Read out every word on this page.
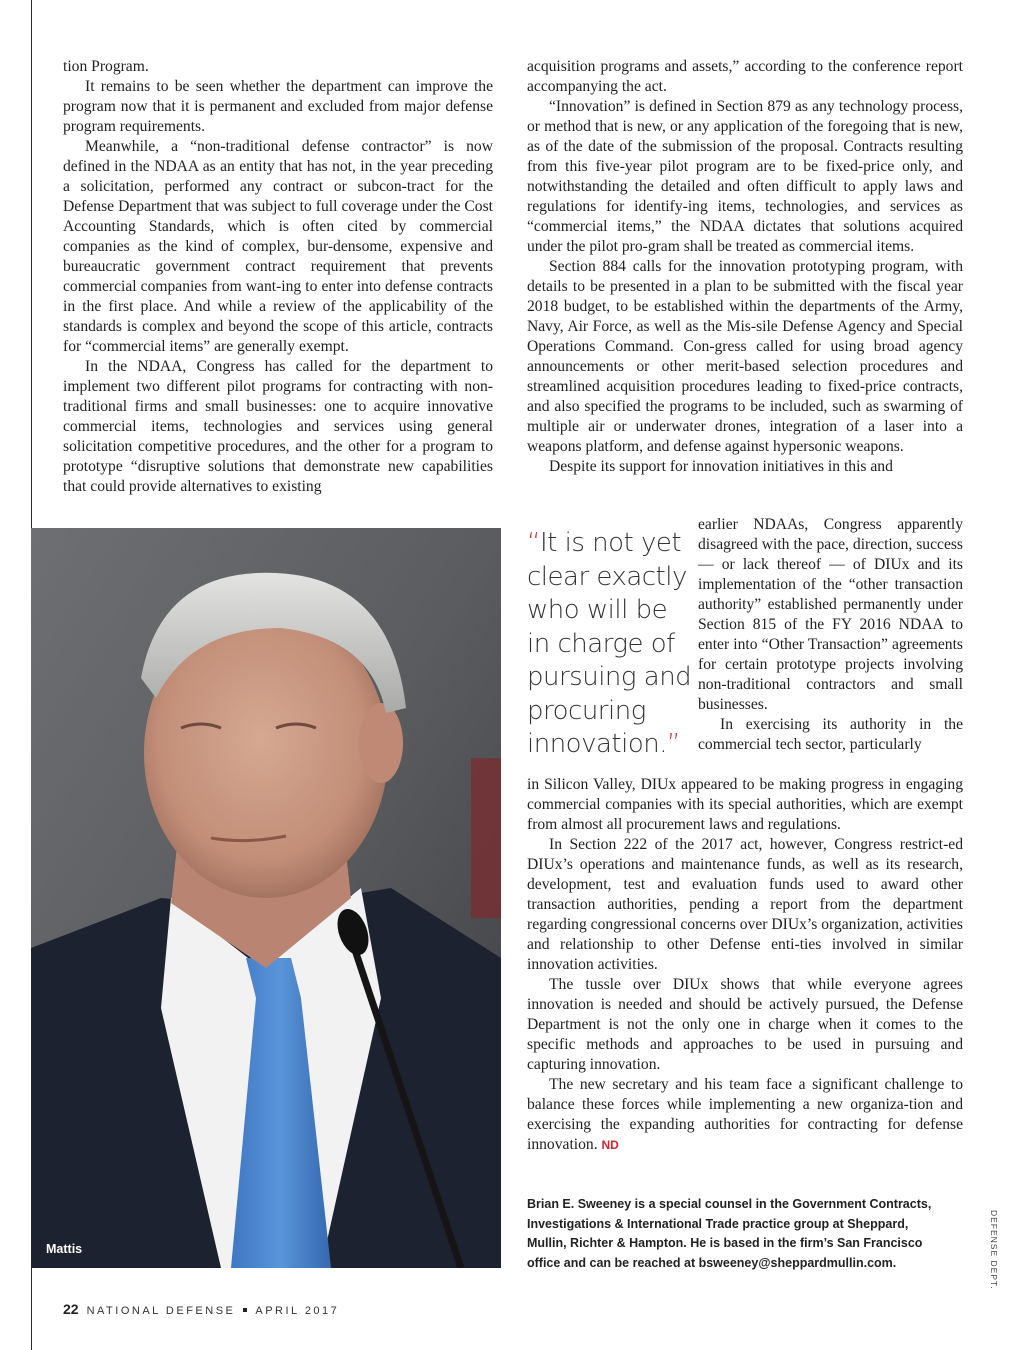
tion Program.

It remains to be seen whether the department can improve the program now that it is permanent and excluded from major defense program requirements.

Meanwhile, a “non-traditional defense contractor” is now defined in the NDAA as an entity that has not, in the year preceding a solicitation, performed any contract or subcon-tract for the Defense Department that was subject to full coverage under the Cost Accounting Standards, which is often cited by commercial companies as the kind of complex, bur-densome, expensive and bureaucratic government contract requirement that prevents commercial companies from want-ing to enter into defense contracts in the first place. And while a review of the applicability of the standards is complex and beyond the scope of this article, contracts for “commercial items” are generally exempt.

In the NDAA, Congress has called for the department to implement two different pilot programs for contracting with non-traditional firms and small businesses: one to acquire innovative commercial items, technologies and services using general solicitation competitive procedures, and the other for a program to prototype “disruptive solutions that demonstrate new capabilities that could provide alternatives to existing

acquisition programs and assets,” according to the conference report accompanying the act.

“Innovation” is defined in Section 879 as any technology process, or method that is new, or any application of the foregoing that is new, as of the date of the submission of the proposal. Contracts resulting from this five-year pilot program are to be fixed-price only, and notwithstanding the detailed and often difficult to apply laws and regulations for identify-ing items, technologies, and services as “commercial items,” the NDAA dictates that solutions acquired under the pilot pro-gram shall be treated as commercial items.

Section 884 calls for the innovation prototyping program, with details to be presented in a plan to be submitted with the fiscal year 2018 budget, to be established within the departments of the Army, Navy, Air Force, as well as the Mis-sile Defense Agency and Special Operations Command. Con-gress called for using broad agency announcements or other merit-based selection procedures and streamlined acquisition procedures leading to fixed-price contracts, and also specified the programs to be included, such as swarming of multiple air or underwater drones, integration of a laser into a weapons platform, and defense against hypersonic weapons.

Despite its support for innovation initiatives in this and

earlier NDAAs, Congress apparently disagreed with the pace, direction, success — or lack thereof — of DIUx and its implementation of the “other transaction authority” established permanently under Section 815 of the FY 2016 NDAA to enter into “Other Transaction” agreements for certain prototype projects involving non-traditional contractors and small businesses.

In exercising its authority in the commercial tech sector, particularly

in Silicon Valley, DIUx appeared to be making progress in engaging commercial companies with its special authorities, which are exempt from almost all procurement laws and regulations.

In Section 222 of the 2017 act, however, Congress restrict-ed DIUx’s operations and maintenance funds, as well as its research, development, test and evaluation funds used to award other transaction authorities, pending a report from the department regarding congressional concerns over DIUx’s organization, activities and relationship to other Defense enti-ties involved in similar innovation activities.

The tussle over DIUx shows that while everyone agrees innovation is needed and should be actively pursued, the Defense Department is not the only one in charge when it comes to the specific methods and approaches to be used in pursuing and capturing innovation.

The new secretary and his team face a significant challenge to balance these forces while implementing a new organiza-tion and exercising the expanding authorities for contracting for defense innovation. ND

“It is not yet clear exactly who will be in charge of pursuing and procuring innovation.”
Mattis
Brian E. Sweeney is a special counsel in the Government Contracts, Investigations & International Trade practice group at Sheppard, Mullin, Richter & Hampton. He is based in the firm’s San Francisco office and can be reached at bsweeney@sheppardmullin.com.	DEFENSE DEPT.
22 NATIONAL DEFENSE APRIL 2017
